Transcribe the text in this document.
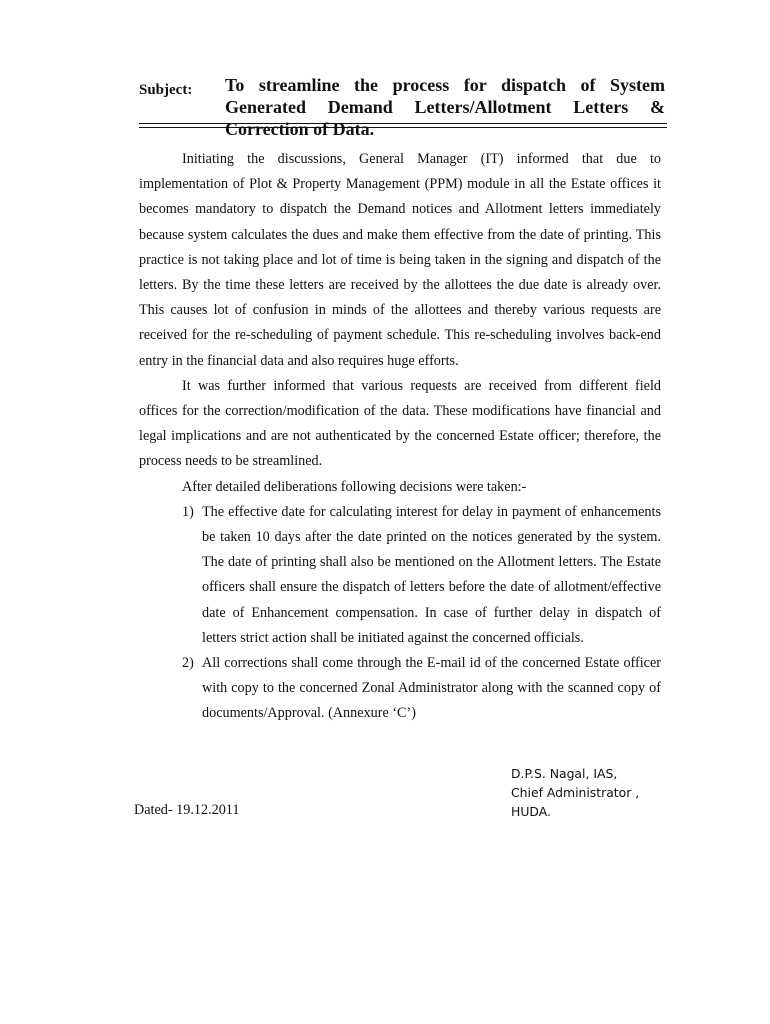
Subject: To streamline the process for dispatch of System Generated Demand Letters/Allotment Letters & Correction of Data.

Initiating the discussions, General Manager (IT) informed that due to implementation of Plot & Property Management (PPM) module in all the Estate offices it becomes mandatory to dispatch the Demand notices and Allotment letters immediately because system calculates the dues and make them effective from the date of printing. This practice is not taking place and lot of time is being taken in the signing and dispatch of the letters. By the time these letters are received by the allottees the due date is already over. This causes lot of confusion in minds of the allottees and thereby various requests are received for the re-scheduling of payment schedule. This re-scheduling involves back-end entry in the financial data and also requires huge efforts.

It was further informed that various requests are received from different field offices for the correction/modification of the data. These modifications have financial and legal implications and are not authenticated by the concerned Estate officer; therefore, the process needs to be streamlined.

After detailed deliberations following decisions were taken:-

1) The effective date for calculating interest for delay in payment of enhancements be taken 10 days after the date printed on the notices generated by the system. The date of printing shall also be mentioned on the Allotment letters. The Estate officers shall ensure the dispatch of letters before the date of allotment/effective date of Enhancement compensation. In case of further delay in dispatch of letters strict action shall be initiated against the concerned officials.
2) All corrections shall come through the E-mail id of the concerned Estate officer with copy to the concerned Zonal Administrator along with the scanned copy of documents/Approval. (Annexure ‘C’)
D.P.S. Nagal, IAS,
Chief Administrator ,
HUDA.
Dated- 19.12.2011
